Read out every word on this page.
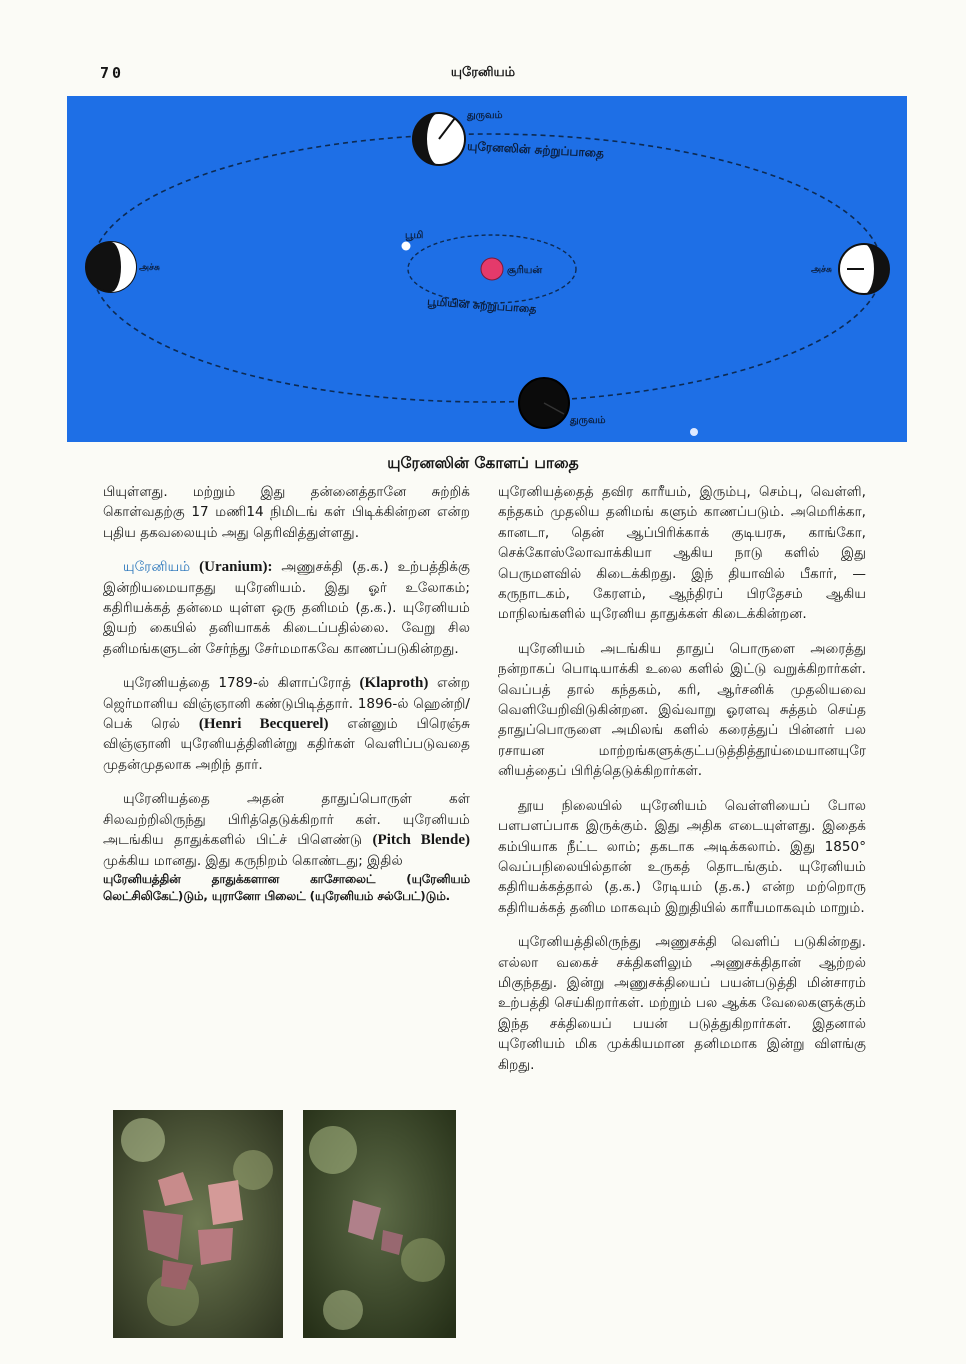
70	யுரேனியம்
துருவம்
யுரேனஸின் சுற்றுப்பாதை
பூமி
சூரியன்
பூமியின் சுற்றுப்பாதை
அச்சு	அச்சு
துருவம்
யுரேனஸின் கோளப் பாதை

பியுள்ளது. மற்றும் இது தன்னைத்தானே சுற்றிக் கொள்வதற்கு 17 மணி14 நிமிடங் கள் பிடிக்கின்றன என்ற புதிய தகவலையும் அது தெரிவித்துள்ளது.

யுரேனியம் (Uranium): அணுசக்தி (த.க.) உற்பத்திக்கு இன்றியமையாதது யுரேனியம். இது ஓர் உலோகம்; கதிரியக்கத் தன்மை யுள்ள ஒரு தனிமம் (த.க.). யுரேனியம் இயற் கையில் தனியாகக் கிடைப்பதில்லை. வேறு சில தனிமங்களுடன் சேர்ந்து சேர்மமாகவே காணப்படுகின்றது.

யுரேனியத்தை 1789-ல் கிளாப்ரோத் (Klaproth) என்ற ஜெர்மானிய விஞ்ஞானி கண்டுபிடித்தார். 1896-ல் ஹென்றி/ பெக் ரெல் (Henri Becquerel) என்னும் பிரெஞ்சு விஞ்ஞானி யுரேனியத்தினின்று கதிர்கள் வெளிப்படுவதை முதன்முதலாக அறிந் தார்.

யுரேனியத்தை அதன் தாதுப்பொருள் கள் சிலவற்றிலிருந்து பிரித்தெடுக்கிறார் கள். யுரேனியம் அடங்கிய தாதுக்களில் பிட்ச் பிளெண்டு (Pitch Blende) முக்கிய மானது. இது கருநிறம் கொண்டது; இதில்

யுரேனியத்தின் தாதுக்களான காசோலைட் (யுரேனியம் லெட்சிலிகேட்)டும், யுரானோ பிலைட் (யுரேனியம் சல்பேட்)டும்.

யுரேனியத்தைத் தவிர காரீயம், இரும்பு, செம்பு, வெள்ளி, கந்தகம் முதலிய தனிமங் களும் காணப்படும். அமெரிக்கா, கானடா, தென் ஆப்பிரிக்காக் குடியரசு, காங்கோ, செக்கோஸ்லோவாக்கியா ஆகிய நாடு களில் இது பெருமளவில் கிடைக்கிறது. இந் தியாவில் பீகார், — கருநாடகம், கேரளம், ஆந்திரப் பிரதேசம் ஆகிய மாநிலங்களில் யுரேனிய தாதுக்கள் கிடைக்கின்றன.

யுரேனியம் அடங்கிய தாதுப் பொருளை அரைத்து நன்றாகப் பொடியாக்கி உலை களில் இட்டு வறுக்கிறார்கள். வெப்பத் தால் கந்தகம், கரி, ஆர்சனிக் முதலியவை வெளியேறிவிடுகின்றன. இவ்வாறு ஓரளவு சுத்தம் செய்த தாதுப்பொருளை அமிலங் களில் கரைத்துப் பின்னர் பல ரசாயன மாற்றங்களுக்குட்படுத்தித்தூய்மையானயுரே னியத்தைப் பிரித்தெடுக்கிறார்கள்.

தூய நிலையில் யுரேனியம் வெள்ளியைப் போல பளபளப்பாக இருக்கும். இது அதிக எடையுள்ளது. இதைக் கம்பியாக நீட்ட லாம்; தகடாக அடிக்கலாம். இது 1850° வெப்பநிலையில்தான் உருகத் தொடங்கும். யுரேனியம் கதிரியக்கத்தால் (த.க.) ரேடியம் (த.க.) என்ற மற்றொரு கதிரியக்கத் தனிம மாகவும் இறுதியில் காரீயமாகவும் மாறும்.

யுரேனியத்திலிருந்து அணுசக்தி வெளிப் படுகின்றது. எல்லா வகைச் சக்திகளிலும் அணுசக்திதான் ஆற்றல் மிகுந்தது. இன்று அணுசக்தியைப் பயன்படுத்தி மின்சாரம் உற்பத்தி செய்கிறார்கள். மற்றும் பல ஆக்க வேலைகளுக்கும் இந்த சக்தியைப் பயன் படுத்துகிறார்கள். இதனால் யுரேனியம் மிக முக்கியமான தனிமமாக இன்று விளங்கு கிறது.
